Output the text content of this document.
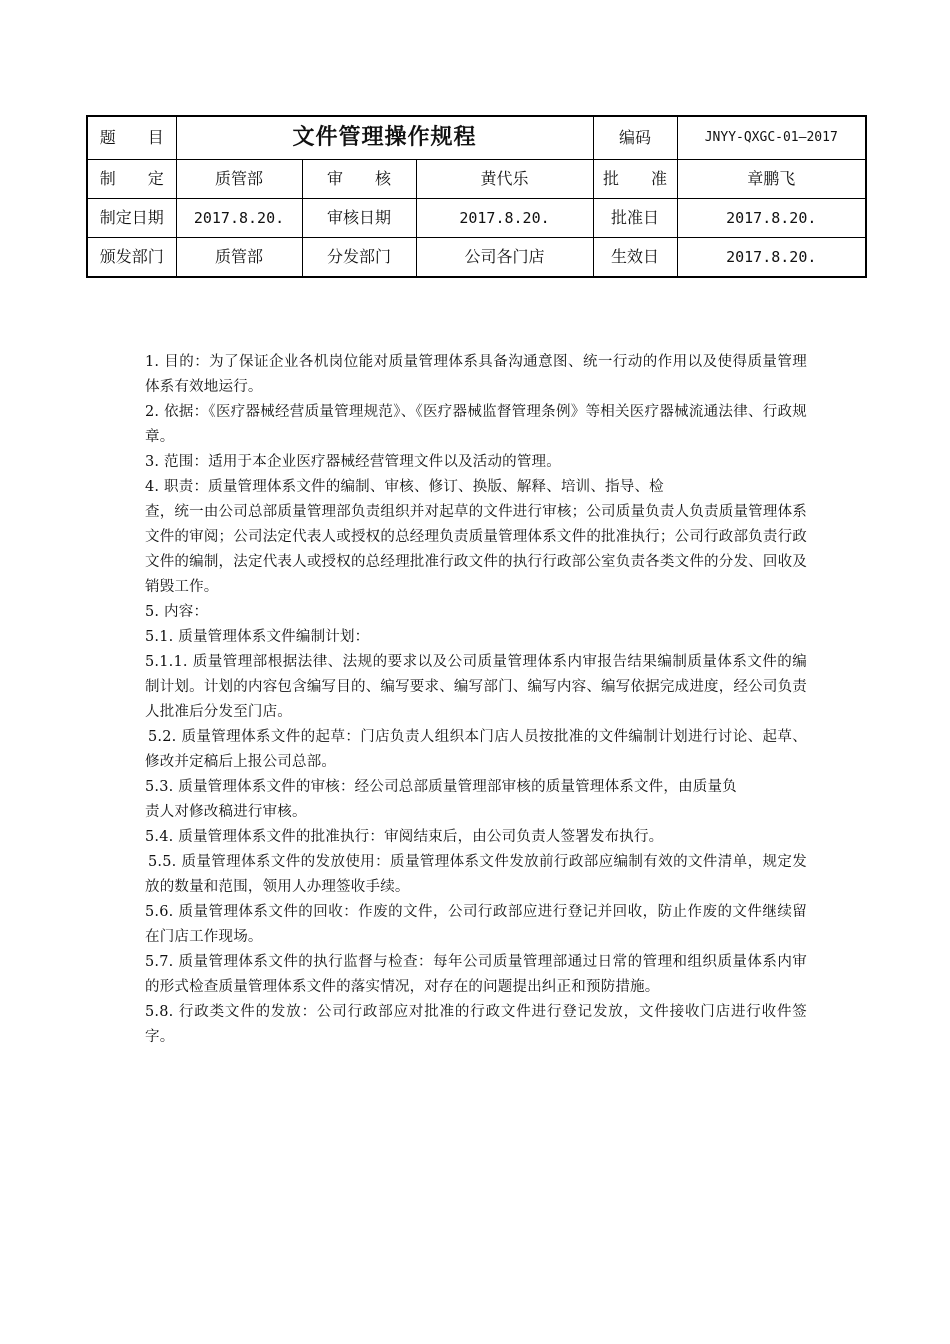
题　　目	文件管理操作规程			编码	JNYY-QXGC-01—2017
制　　定	质管部	审　　核	黄代乐	批　　准	章鹏飞
制定日期	2017.8.20.	审核日期	2017.8.20.	批准日	2017.8.20.
颁发部门	质管部	分发部门	公司各门店	生效日	2017.8.20.

1. 目的：为了保证企业各机岗位能对质量管理体系具备沟通意图、统一行动的作用以及使得质量管理体系有效地运行。

2. 依据：《医疗器械经营质量管理规范》、《医疗器械监督管理条例》等相关医疗器械流通法律、行政规章。

3. 范围：适用于本企业医疗器械经营管理文件以及活动的管理。

4. 职责：质量管理体系文件的编制、审核、修订、换版、解释、培训、指导、检

查，统一由公司总部质量管理部负责组织并对起草的文件进行审核；公司质量负责人负责质量管理体系文件的审阅；公司法定代表人或授权的总经理负责质量管理体系文件的批准执行；公司行政部负责行政文件的编制，法定代表人或授权的总经理批准行政文件的执行行政部公室负责各类文件的分发、回收及销毁工作。

5. 内容：

5.1. 质量管理体系文件编制计划：

5.1.1. 质量管理部根据法律、法规的要求以及公司质量管理体系内审报告结果编制质量体系文件的编制计划。计划的内容包含编写目的、编写要求、编写部门、编写内容、编写依据完成进度，经公司负责人批准后分发至门店。

5.2. 质量管理体系文件的起草：门店负责人组织本门店人员按批准的文件编制计划进行讨论、起草、修改并定稿后上报公司总部。

5.3. 质量管理体系文件的审核：经公司总部质量管理部审核的质量管理体系文件，由质量负

责人对修改稿进行审核。

5.4. 质量管理体系文件的批准执行：审阅结束后，由公司负责人签署发布执行。

5.5. 质量管理体系文件的发放使用：质量管理体系文件发放前行政部应编制有效的文件清单，规定发放的数量和范围，领用人办理签收手续。

5.6. 质量管理体系文件的回收：作废的文件，公司行政部应进行登记并回收，防止作废的文件继续留在门店工作现场。

5.7. 质量管理体系文件的执行监督与检查：每年公司质量管理部通过日常的管理和组织质量体系内审的形式检查质量管理体系文件的落实情况，对存在的问题提出纠正和预防措施。

5.8. 行政类文件的发放：公司行政部应对批准的行政文件进行登记发放，文件接收门店进行收件签字。
